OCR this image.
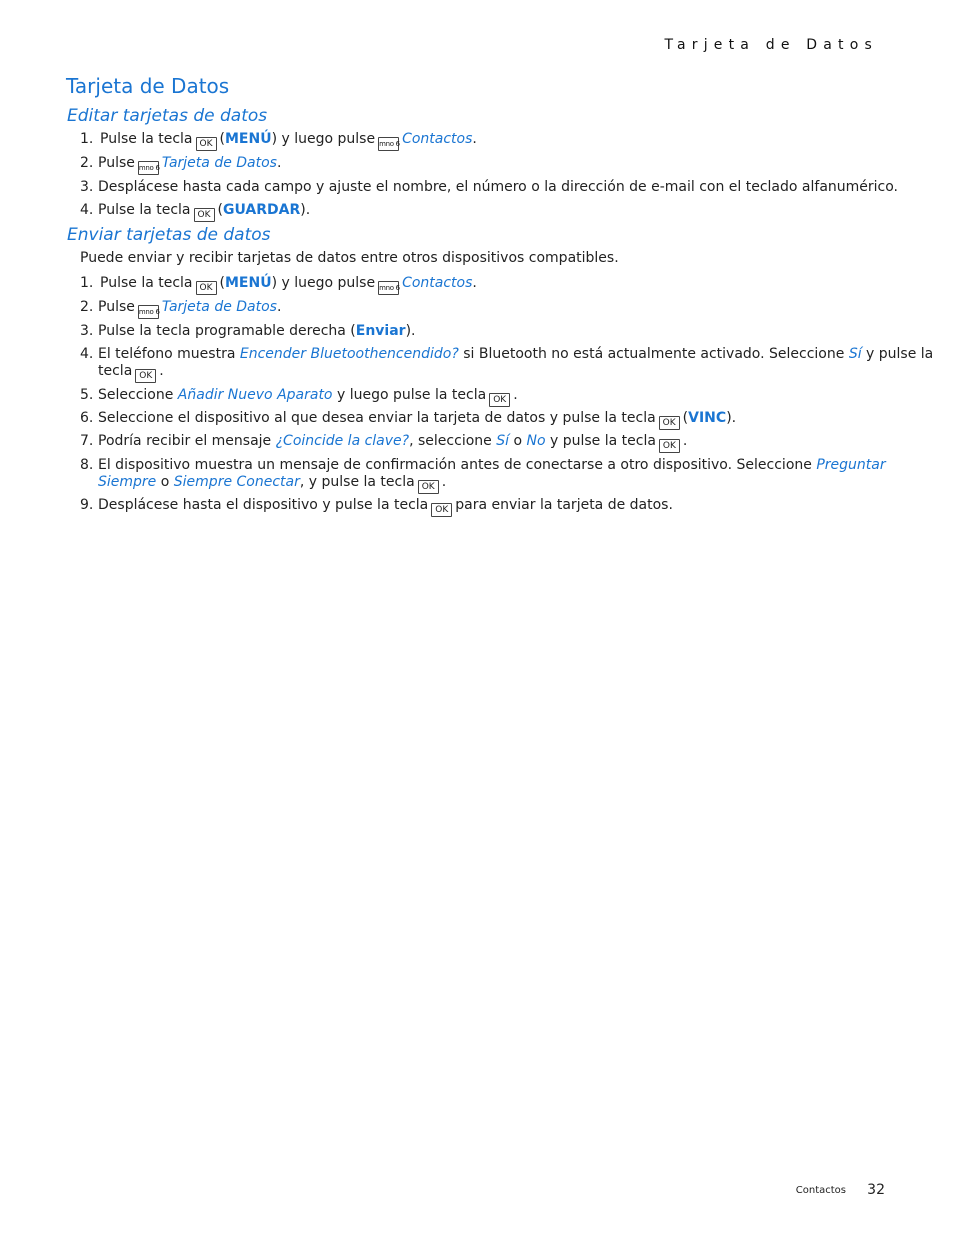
Tarjeta de Datos
Tarjeta de Datos
Editar tarjetas de datos
1. Pulse la tecla OK (MENÚ) y luego pulse mno 6 Contactos.
2. Pulse mno 6 Tarjeta de Datos.
3. Desplácese hasta cada campo y ajuste el nombre, el número o la dirección de e-mail con el teclado alfanumérico.
4. Pulse la tecla OK (GUARDAR).
Enviar tarjetas de datos
Puede enviar y recibir tarjetas de datos entre otros dispositivos compatibles.
1. Pulse la tecla OK (MENÚ) y luego pulse mno 6 Contactos.
2. Pulse mno 6 Tarjeta de Datos.
3. Pulse la tecla programable derecha (Enviar).
4. El teléfono muestra Encender Bluetoothencendido? si Bluetooth no está actualmente activado. Seleccione Sí y pulse la
tecla OK .
5. Seleccione Añadir Nuevo Aparato y luego pulse la tecla OK .
6. Seleccione el dispositivo al que desea enviar la tarjeta de datos y pulse la tecla OK (VINC).
7. Podría recibir el mensaje ¿Coincide la clave?, seleccione Sí o No y pulse la tecla OK .
8. El dispositivo muestra un mensaje de confirmación antes de conectarse a otro dispositivo. Seleccione Preguntar
Siempre o Siempre Conectar, y pulse la tecla OK .
9. Desplácese hasta el dispositivo y pulse la tecla OK para enviar la tarjeta de datos.
Contactos 32
